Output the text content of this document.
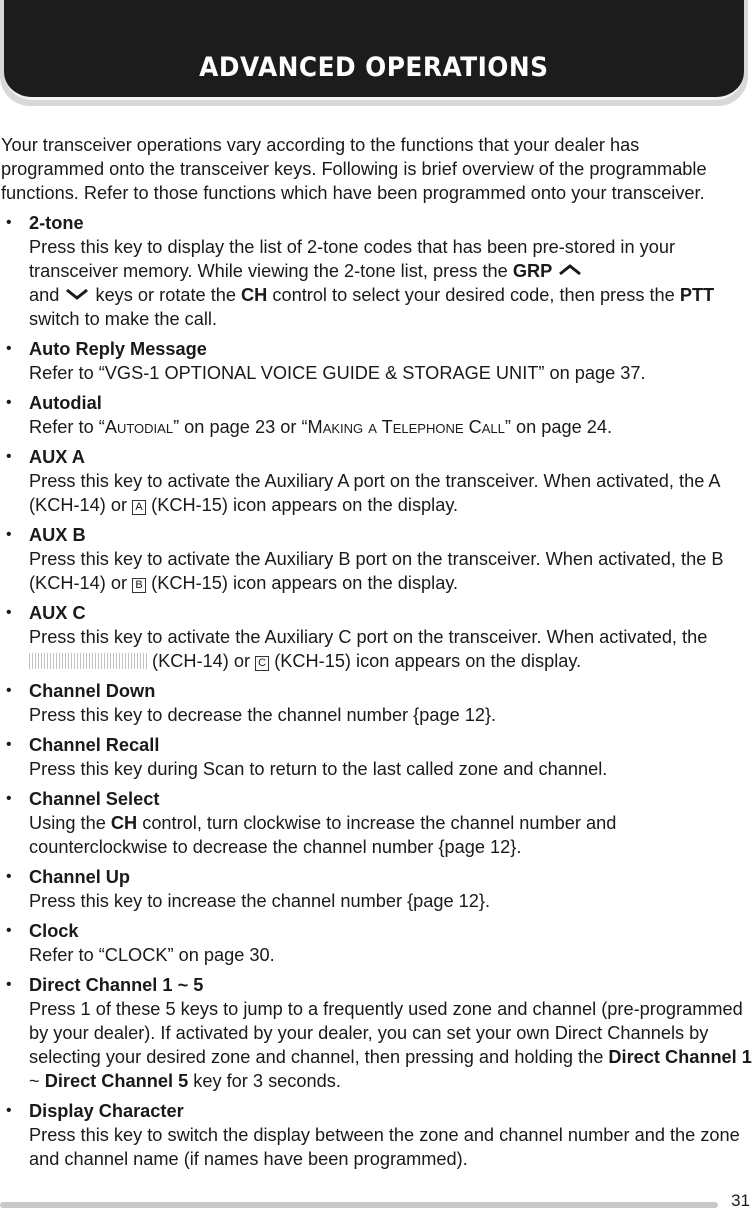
ADVANCED OPERATIONS

Your transceiver operations vary according to the functions that your dealer has programmed onto the transceiver keys. Following is brief overview of the programmable functions. Refer to those functions which have been programmed onto your transceiver.

• 2-tone
Press this key to display the list of 2-tone codes that has been pre-stored in your transceiver memory. While viewing the 2-tone list, press the GRP
and  keys or rotate the CH control to select your desired code, then press the PTT switch to make the call.
• Auto Reply Message
Refer to “VGS-1 OPTIONAL VOICE GUIDE & STORAGE UNIT” on page 37.
• Autodial
Refer to “Autodial” on page 23 or “Making a Telephone Call” on page 24.
• AUX A
Press this key to activate the Auxiliary A port on the transceiver. When activated, the A (KCH-14) or A (KCH-15) icon appears on the display.
• AUX B
Press this key to activate the Auxiliary B port on the transceiver. When activated, the B (KCH-14) or B (KCH-15) icon appears on the display.
• AUX C
Press this key to activate the Auxiliary C port on the transceiver. When activated, the  (KCH-14) or C (KCH-15) icon appears on the display.
• Channel Down
Press this key to decrease the channel number {page 12}.
• Channel Recall
Press this key during Scan to return to the last called zone and channel.
• Channel Select
Using the CH control, turn clockwise to increase the channel number and counterclockwise to decrease the channel number {page 12}.
• Channel Up
Press this key to increase the channel number {page 12}.
• Clock
Refer to “CLOCK” on page 30.
• Direct Channel 1 ~ 5
Press 1 of these 5 keys to jump to a frequently used zone and channel (pre-programmed by your dealer). If activated by your dealer, you can set your own Direct Channels by selecting your desired zone and channel, then pressing and holding the Direct Channel 1 ~ Direct Channel 5 key for 3 seconds.
• Display Character
Press this key to switch the display between the zone and channel number and the zone and channel name (if names have been programmed).
31
